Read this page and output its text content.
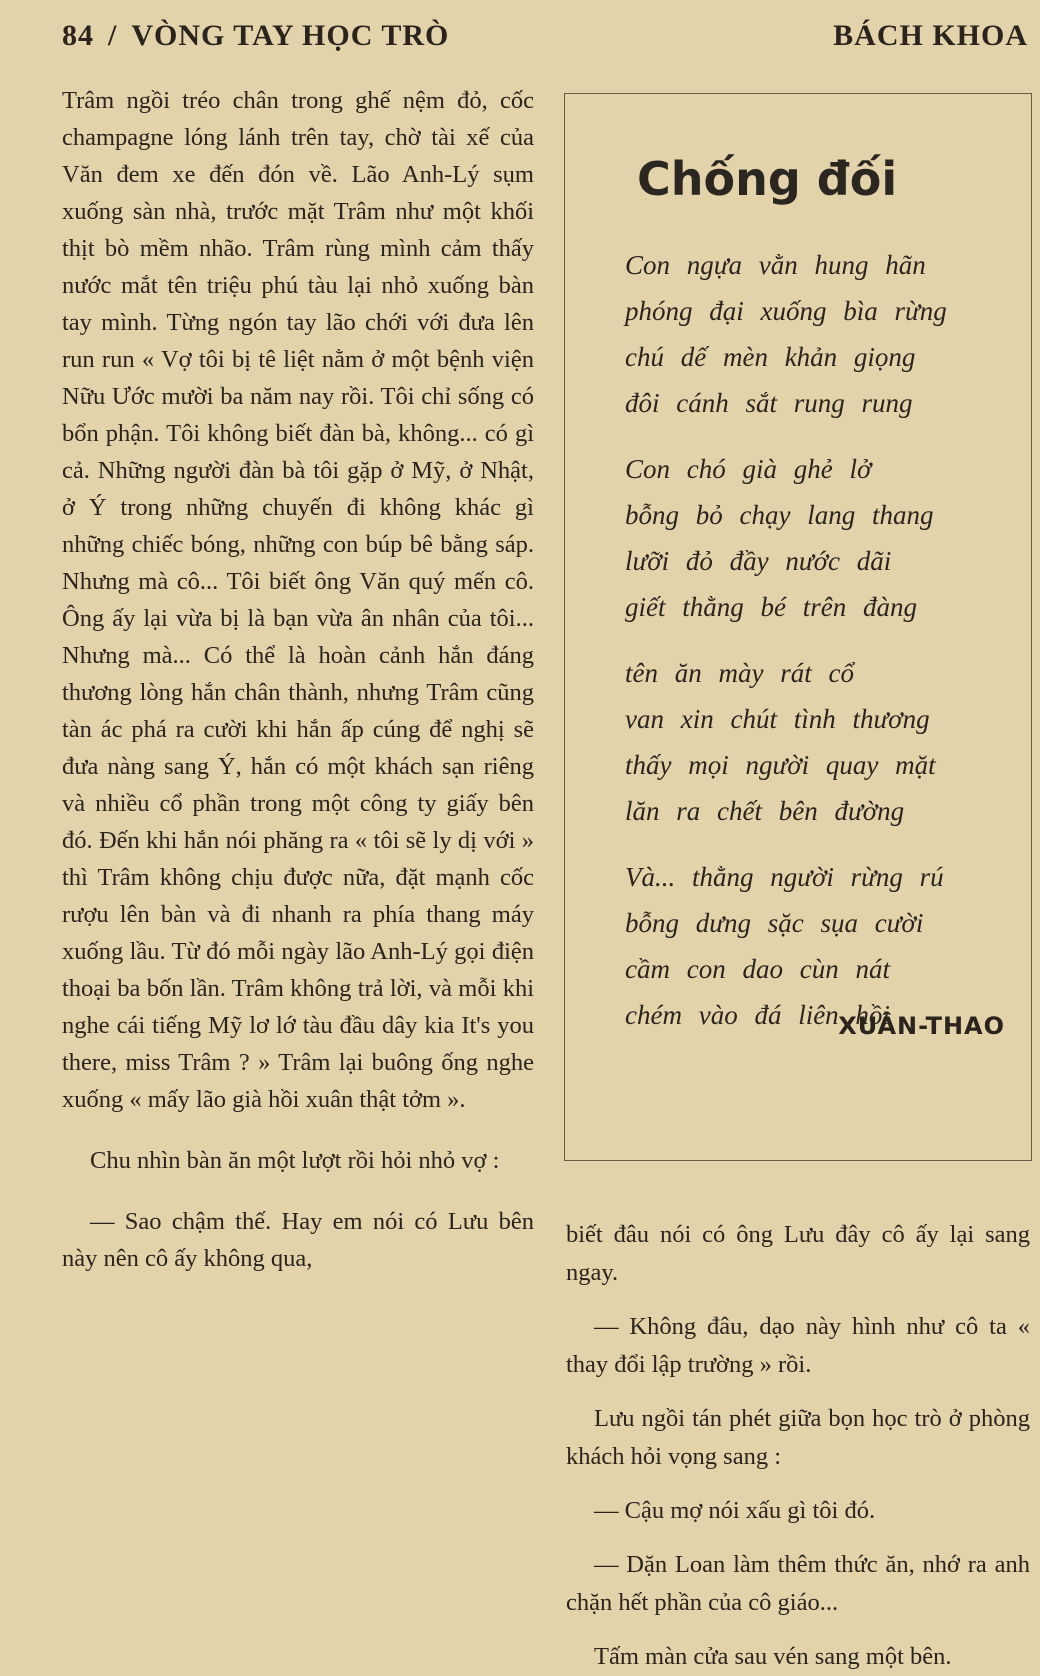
84 / VÒNG TAY HỌC TRÒ	BÁCH KHOA

Trâm ngồi tréo chân trong ghế nệm đỏ, cốc champagne lóng lánh trên tay, chờ tài xế của Văn đem xe đến đón về. Lão Anh-Lý sụm xuống sàn nhà, trước mặt Trâm như một khối thịt bò mềm nhão. Trâm rùng mình cảm thấy nước mắt tên triệu phú tàu lại nhỏ xuống bàn tay mình. Từng ngón tay lão chới với đưa lên run run « Vợ tôi bị tê liệt nằm ở một bệnh viện Nữu Ước mười ba năm nay rồi. Tôi chỉ sống có bổn phận. Tôi không biết đàn bà, không... có gì cả. Những người đàn bà tôi gặp ở Mỹ, ở Nhật, ở Ý trong những chuyến đi không khác gì những chiếc bóng, những con búp bê bằng sáp. Nhưng mà cô... Tôi biết ông Văn quý mến cô. Ông ấy lại vừa bị là bạn vừa ân nhân của tôi... Nhưng mà... Có thể là hoàn cảnh hắn đáng thương lòng hắn chân thành, nhưng Trâm cũng tàn ác phá ra cười khi hắn ấp cúng để nghị sẽ đưa nàng sang Ý, hắn có một khách sạn riêng và nhiều cổ phần trong một công ty giấy bên đó. Đến khi hắn nói phăng ra « tôi sẽ ly dị với » thì Trâm không chịu được nữa, đặt mạnh cốc rượu lên bàn và đi nhanh ra phía thang máy xuống lầu. Từ đó mỗi ngày lão Anh-Lý gọi điện thoại ba bốn lần. Trâm không trả lời, và mỗi khi nghe cái tiếng Mỹ lơ lớ tàu đầu dây kia It's you there, miss Trâm ? » Trâm lại buông ống nghe xuống « mấy lão già hồi xuân thật tởm ».

Chu nhìn bàn ăn một lượt rồi hỏi nhỏ vợ :

— Sao chậm thế. Hay em nói có Lưu bên này nên cô ấy không qua,

Chống đối
Con ngựa vằn hung hãn
phóng đại xuống bìa rừng
chú dế mèn khản giọng
đôi cánh sắt rung rung
Con chó già ghẻ lở
bỗng bỏ chạy lang thang
lưỡi đỏ đầy nước dãi
giết thằng bé trên đàng
tên ăn mày rát cổ
van xin chút tình thương
thấy mọi người quay mặt
lăn ra chết bên đường
Và... thằng người rừng rú
bỗng dưng sặc sụa cười
cầm con dao cùn nát
chém vào đá liên hồi
XUÂN-THAO

biết đâu nói có ông Lưu đây cô ấy lại sang ngay.

— Không đâu, dạo này hình như cô ta « thay đổi lập trường » rồi.

Lưu ngồi tán phét giữa bọn học trò ở phòng khách hỏi vọng sang :

— Cậu mợ nói xấu gì tôi đó.

— Dặn Loan làm thêm thức ăn, nhớ ra anh chặn hết phần của cô giáo...

Tấm màn cửa sau vén sang một bên.
